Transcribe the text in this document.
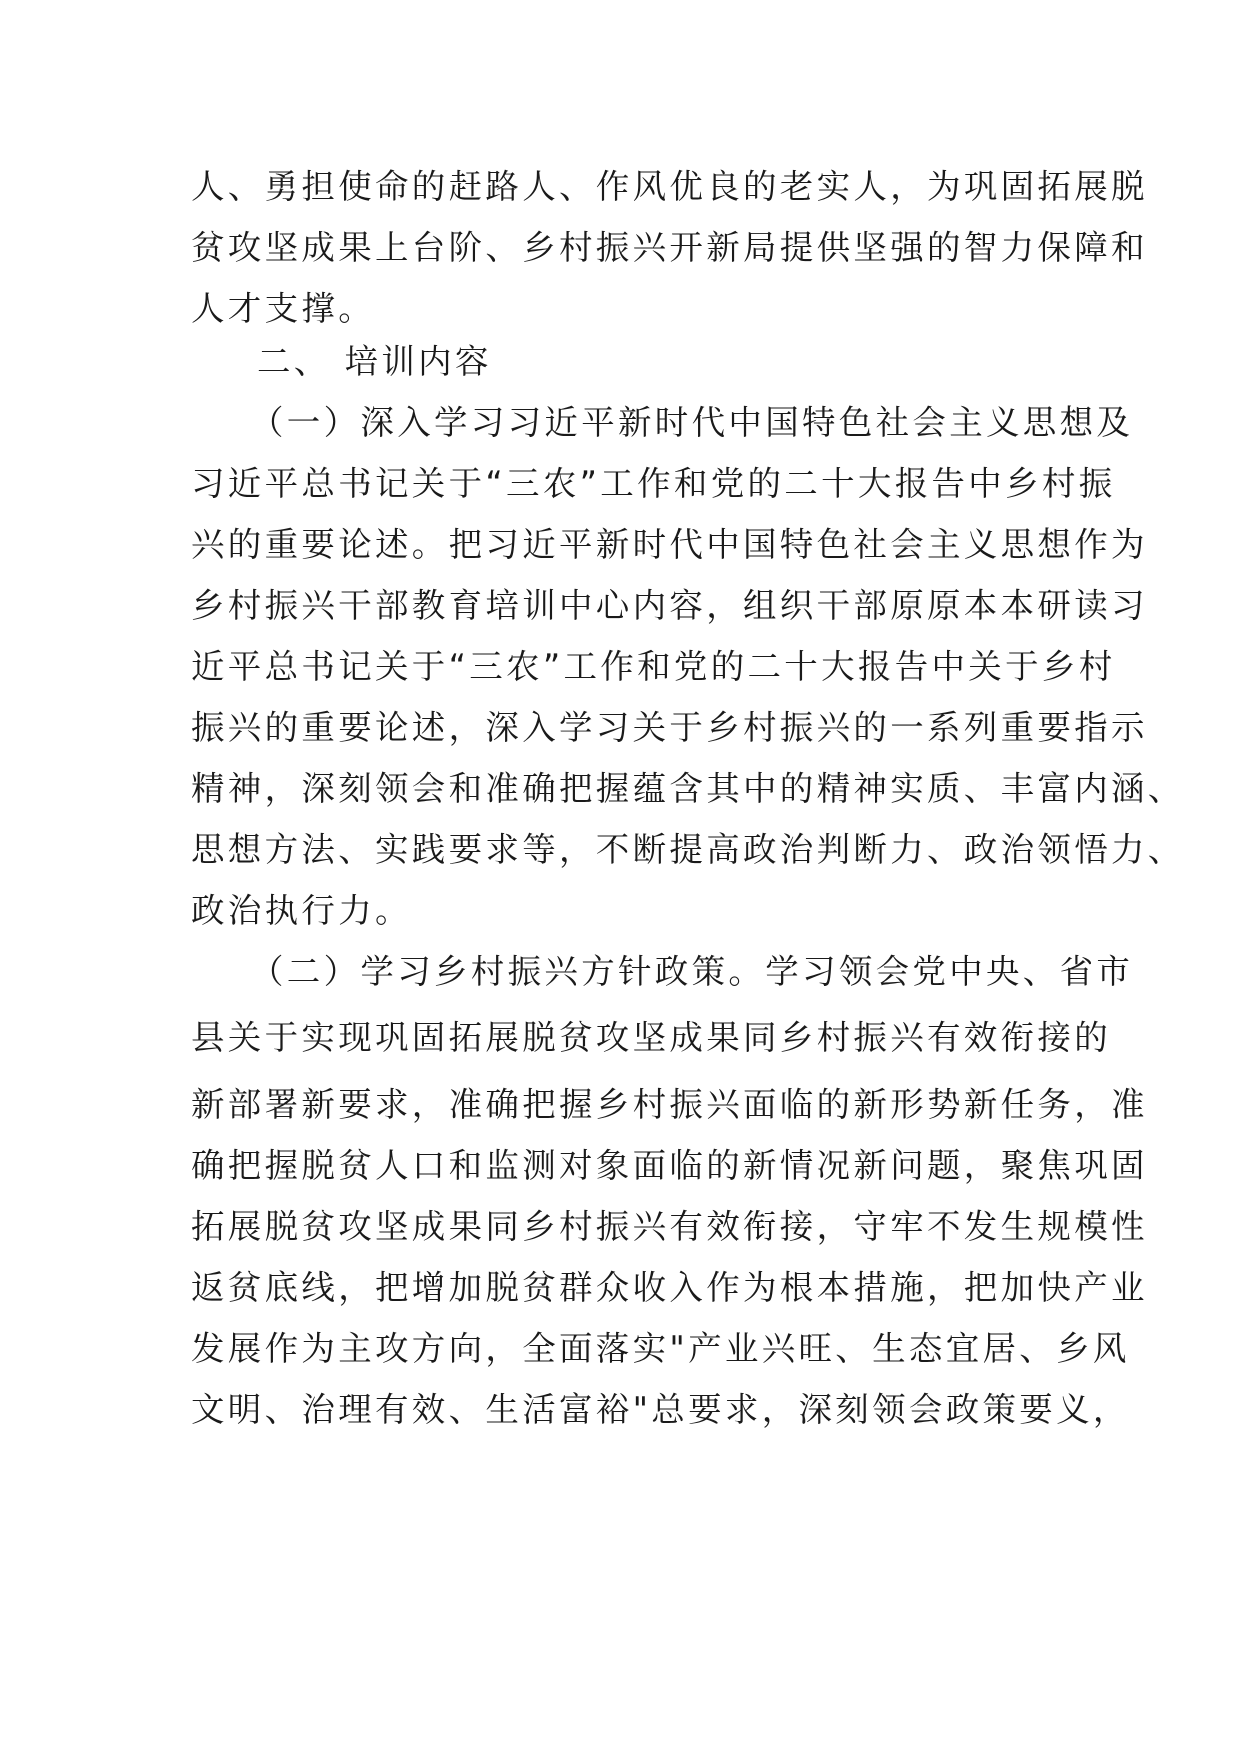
人、勇担使命的赶路人、作风优良的老实人，为巩固拓展脱
贫攻坚成果上台阶、乡村振兴开新局提供坚强的智力保障和
人才支撑。
二、 培训内容
（一）深入学习习近平新时代中国特色社会主义思想及
习近平总书记关于“三农”工作和党的二十大报告中乡村振
兴的重要论述。把习近平新时代中国特色社会主义思想作为
乡村振兴干部教育培训中心内容，组织干部原原本本研读习
近平总书记关于“三农”工作和党的二十大报告中关于乡村
振兴的重要论述，深入学习关于乡村振兴的一系列重要指示
精神，深刻领会和准确把握蕴含其中的精神实质、丰富内涵、
思想方法、实践要求等，不断提高政治判断力、政治领悟力、
政治执行力。
（二）学习乡村振兴方针政策。学习领会党中央、省市
县关于实现巩固拓展脱贫攻坚成果同乡村振兴有效衔接的
新部署新要求，准确把握乡村振兴面临的新形势新任务，准
确把握脱贫人口和监测对象面临的新情况新问题，聚焦巩固
拓展脱贫攻坚成果同乡村振兴有效衔接，守牢不发生规模性
返贫底线，把增加脱贫群众收入作为根本措施，把加快产业
发展作为主攻方向，全面落实"产业兴旺、生态宜居、乡风
文明、治理有效、生活富裕"总要求，深刻领会政策要义，
